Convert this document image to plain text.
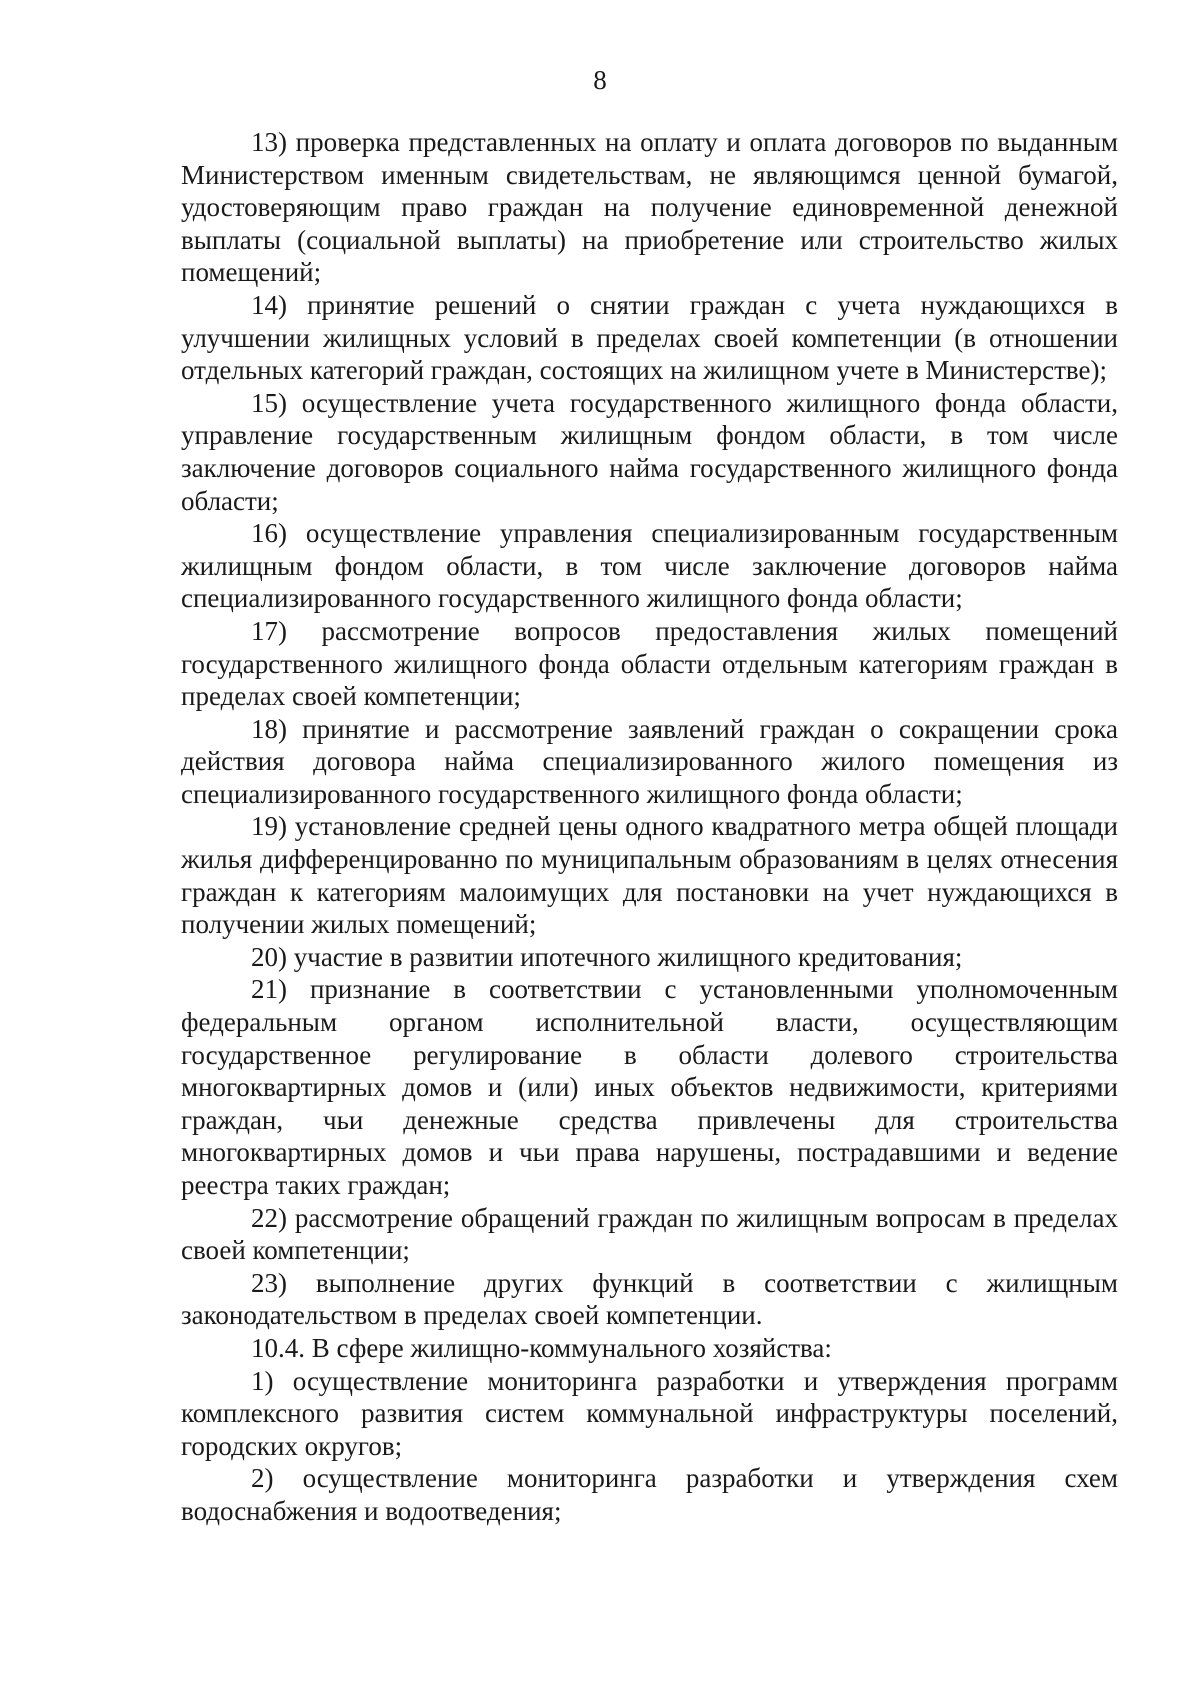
8

13) проверка представленных на оплату и оплата договоров по выданным Министерством именным свидетельствам, не являющимся ценной бумагой, удостоверяющим право граждан на получение единовременной денежной выплаты (социальной выплаты) на приобретение или строительство жилых помещений;

14) принятие решений о снятии граждан с учета нуждающихся в улучшении жилищных условий в пределах своей компетенции (в отношении отдельных категорий граждан, состоящих на жилищном учете в Министерстве);

15) осуществление учета государственного жилищного фонда области, управление государственным жилищным фондом области, в том числе заключение договоров социального найма государственного жилищного фонда области;

16) осуществление управления специализированным государственным жилищным фондом области, в том числе заключение договоров найма специализированного государственного жилищного фонда области;

17) рассмотрение вопросов предоставления жилых помещений государственного жилищного фонда области отдельным категориям граждан в пределах своей компетенции;

18) принятие и рассмотрение заявлений граждан о сокращении срока действия договора найма специализированного жилого помещения из специализированного государственного жилищного фонда области;

19) установление средней цены одного квадратного метра общей площади жилья дифференцированно по муниципальным образованиям в целях отнесения граждан к категориям малоимущих для постановки на учет нуждающихся в получении жилых помещений;

20) участие в развитии ипотечного жилищного кредитования;

21) признание в соответствии с установленными уполномоченным федеральным органом исполнительной власти, осуществляющим государственное регулирование в области долевого строительства многоквартирных домов и (или) иных объектов недвижимости, критериями граждан, чьи денежные средства привлечены для строительства многоквартирных домов и чьи права нарушены, пострадавшими и ведение реестра таких граждан;

22) рассмотрение обращений граждан по жилищным вопросам в пределах своей компетенции;

23) выполнение других функций в соответствии с жилищным законодательством в пределах своей компетенции.

10.4. В сфере жилищно-коммунального хозяйства:

1) осуществление мониторинга разработки и утверждения программ комплексного развития систем коммунальной инфраструктуры поселений, городских округов;

2) осуществление мониторинга разработки и утверждения схем водоснабжения и водоотведения;
